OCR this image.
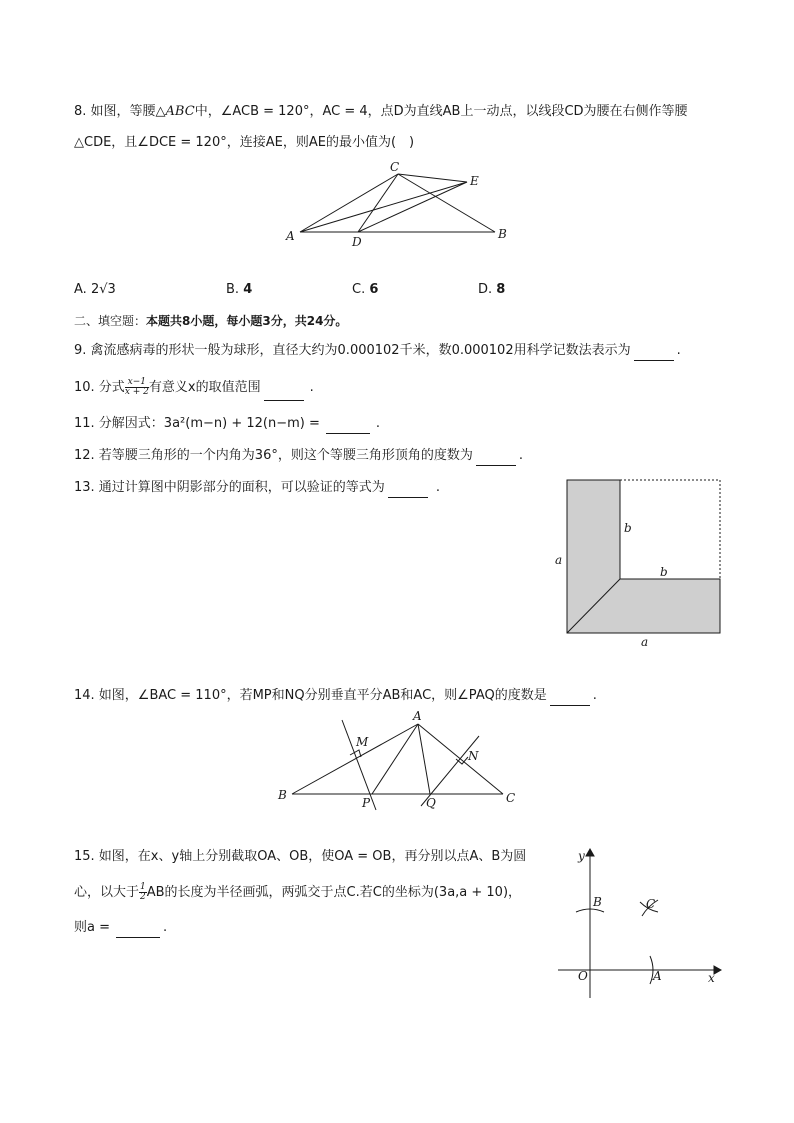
8. 如图，等腰△ABC中，∠ACB = 120°，AC = 4，点D为直线AB上一动点，以线段CD为腰在右侧作等腰
△CDE，且∠DCE = 120°，连接AE，则AE的最小值为(　)
A	B
C
D
E
A. 2√3	B. 4	C. 6	D. 8
二、填空题：本题共8小题，每小题3分，共24分。
9. 禽流感病毒的形状一般为球形，直径大约为0.000102千米，数0.000102用科学记数法表示为	.
10. 分式 $\frac{x-1}{x + 2}$ 有意义x的取值范围	.
11. 分解因式：3a²(m−n) + 12(n−m) =	.
12. 若等腰三角形的一个内角为36°，则这个等腰三角形顶角的度数为	.
13. 通过计算图中阴影部分的面积，可以验证的等式为	.
a
b
b
a
14. 如图，∠BAC = 110°，若MP和NQ分别垂直平分AB和AC，则∠PAQ的度数是	.
A
B	C
M
N
P	Q
15. 如图，在x、y轴上分别截取OA、OB，使OA = OB，再分别以点A、B为圆
心，以大于 $\frac{1}{2}$ AB的长度为半径画弧，两弧交于点C.若C的坐标为(3a,a + 10)，
则a =	.
y
x
O
B
A
C
